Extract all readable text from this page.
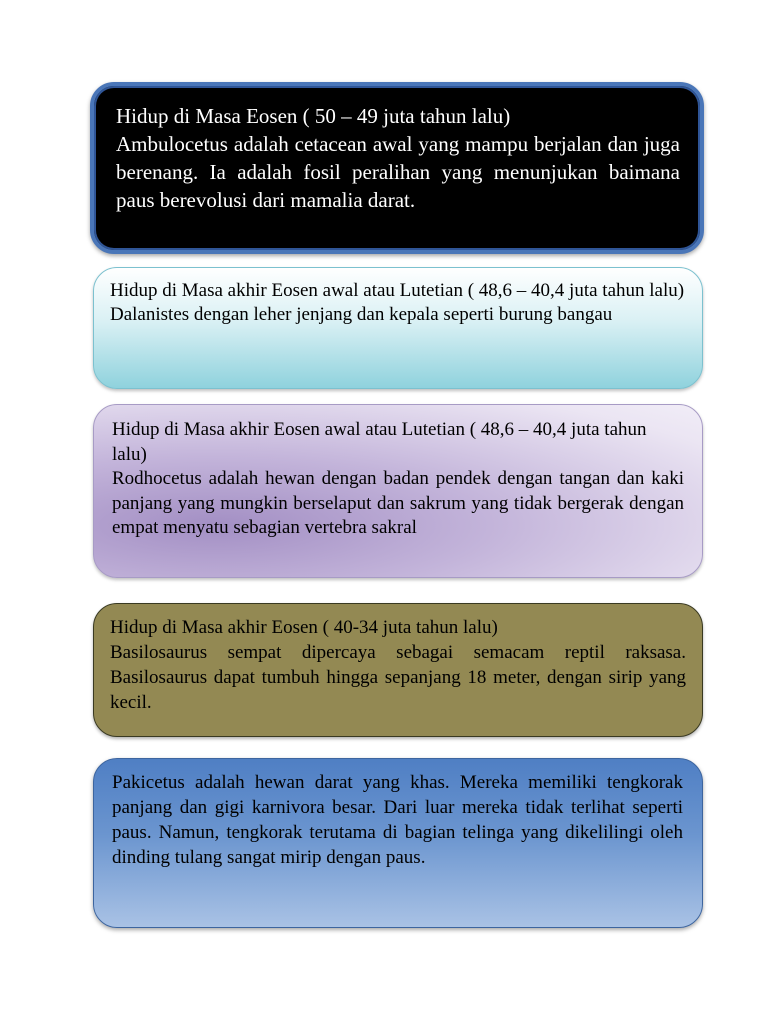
Hidup di Masa Eosen ( 50 – 49 juta tahun lalu)

Ambulocetus adalah cetacean awal yang mampu berjalan dan juga berenang. Ia adalah fosil peralihan yang menunjukan baimana paus berevolusi dari mamalia darat.

Hidup di Masa akhir Eosen awal atau Lutetian ( 48,6 – 40,4 juta tahun lalu)

Dalanistes dengan leher jenjang dan kepala seperti burung bangau

Hidup di Masa akhir Eosen awal atau Lutetian ( 48,6 – 40,4 juta tahun lalu)

Rodhocetus adalah hewan dengan badan pendek dengan tangan dan kaki panjang yang mungkin berselaput dan sakrum yang tidak bergerak dengan empat menyatu sebagian vertebra sakral

Hidup di Masa akhir Eosen ( 40-34 juta tahun lalu)

Basilosaurus sempat dipercaya sebagai semacam reptil raksasa. Basilosaurus dapat tumbuh hingga sepanjang 18 meter, dengan sirip yang kecil.

Pakicetus adalah hewan darat yang khas. Mereka memiliki tengkorak panjang dan gigi karnivora besar. Dari luar mereka tidak terlihat seperti paus. Namun, tengkorak terutama di bagian telinga yang dikelilingi oleh dinding tulang sangat mirip dengan paus.
